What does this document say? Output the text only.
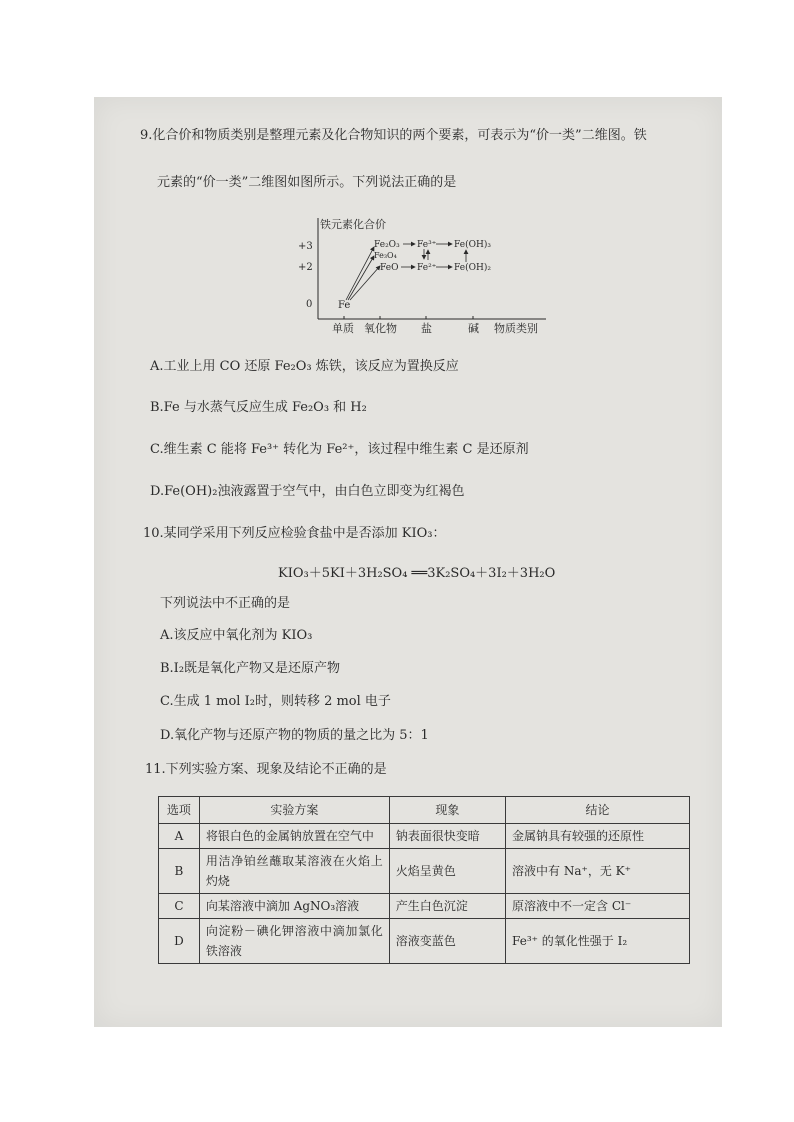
9.化合价和物质类别是整理元素及化合物知识的两个要素，可表示为“价一类”二维图。铁
元素的“价一类”二维图如图所示。下列说法正确的是
铁元素化合价
+3
+2
0
单质 氧化物 盐	碱 物质类别
Fe₂O₃
Fe₃O₄
FeO
Fe³⁺
Fe²⁺
Fe(OH)₃
Fe(OH)₂
Fe
A.工业上用 CO 还原 Fe₂O₃ 炼铁，该反应为置换反应
B.Fe 与水蒸气反应生成 Fe₂O₃ 和 H₂
C.维生素 C 能将 Fe³⁺ 转化为 Fe²⁺，该过程中维生素 C 是还原剂
D.Fe(OH)₂浊液露置于空气中，由白色立即变为红褐色
10.某同学采用下列反应检验食盐中是否添加 KIO₃：
KIO₃＋5KI＋3H₂SO₄ ══3K₂SO₄＋3I₂＋3H₂O
下列说法中不正确的是
A.该反应中氧化剂为 KIO₃
B.I₂既是氧化产物又是还原产物
C.生成 1 mol I₂时，则转移 2 mol 电子
D.氧化产物与还原产物的物质的量之比为 5：1
11.下列实验方案、现象及结论不正确的是
选项	实验方案	现象	结论
A	将银白色的金属钠放置在空气中	钠表面很快变暗	金属钠具有较强的还原性
B	用洁净铂丝蘸取某溶液在火焰上灼烧	火焰呈黄色	溶液中有 Na⁺，无 K⁺
C	向某溶液中滴加 AgNO₃溶液	产生白色沉淀	原溶液中不一定含 Cl⁻
D	向淀粉－碘化钾溶液中滴加氯化铁溶液	溶液变蓝色	Fe³⁺ 的氧化性强于 I₂
